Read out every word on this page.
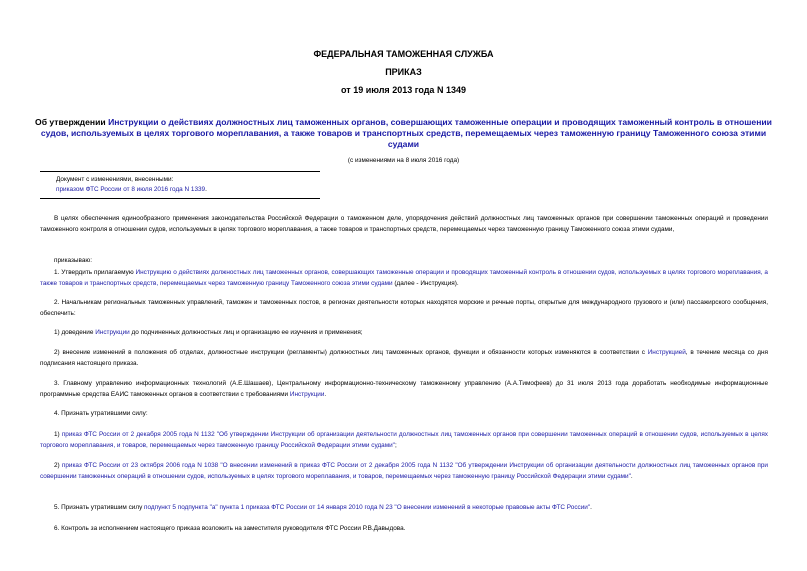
ФЕДЕРАЛЬНАЯ ТАМОЖЕННАЯ СЛУЖБА
ПРИКАЗ
от 19 июля 2013 года N 1349
Об утверждении Инструкции о действиях должностных лиц таможенных органов, совершающих таможенные операции и проводящих таможенный контроль в отношении судов, используемых в целях торгового мореплавания, а также товаров и транспортных средств, перемещаемых через таможенную границу Таможенного союза этими судами
(с изменениями на 8 июля 2016 года)
Документ с изменениями, внесенными:
приказом ФТС России от 8 июля 2016 года N 1339.
В целях обеспечения единообразного применения законодательства Российской Федерации о таможенном деле, упорядочения действий должностных лиц таможенных органов при совершении таможенных операций и проведении таможенного контроля в отношении судов, используемых в целях торгового мореплавания, а также товаров и транспортных средств, перемещаемых через таможенную границу Таможенного союза этими судами,
приказываю:
1. Утвердить прилагаемую Инструкцию о действиях должностных лиц таможенных органов, совершающих таможенные операции и проводящих таможенный контроль в отношении судов, используемых в целях торгового мореплавания, а также товаров и транспортных средств, перемещаемых через таможенную границу Таможенного союза этими судами (далее - Инструкция).
2. Начальникам региональных таможенных управлений, таможен и таможенных постов, в регионах деятельности которых находятся морские и речные порты, открытые для международного грузового и (или) пассажирского сообщения, обеспечить:
1) доведение Инструкции до подчиненных должностных лиц и организацию ее изучения и применения;
2) внесение изменений в положения об отделах, должностные инструкции (регламенты) должностных лиц таможенных органов, функции и обязанности которых изменяются в соответствии с Инструкцией, в течение месяца со дня подписания настоящего приказа.
3. Главному управлению информационных технологий (А.Е.Шашаев), Центральному информационно-техническому таможенному управлению (А.А.Тимофеев) до 31 июля 2013 года доработать необходимые информационные программные средства ЕАИС таможенных органов в соответствии с требованиями Инструкции.
4. Признать утратившими силу:
1) приказ ФТС России от 2 декабря 2005 года N 1132 "Об утверждении Инструкции об организации деятельности должностных лиц таможенных органов при совершении таможенных операций в отношении судов, используемых в целях торгового мореплавания, и товаров, перемещаемых через таможенную границу Российской Федерации этими судами";
2) приказ ФТС России от 23 октября 2006 года N 1038 "О внесении изменений в приказ ФТС России от 2 декабря 2005 года N 1132 "Об утверждении Инструкции об организации деятельности должностных лиц таможенных органов при совершении таможенных операций в отношении судов, используемых в целях торгового мореплавания, и товаров, перемещаемых через таможенную границу Российской Федерации этими судами".
5. Признать утратившим силу подпункт 5 подпункта "а" пункта 1 приказа ФТС России от 14 января 2010 года N 23 "О внесении изменений в некоторые правовые акты ФТС России".
6. Контроль за исполнением настоящего приказа возложить на заместителя руководителя ФТС России Р.В.Давыдова.
